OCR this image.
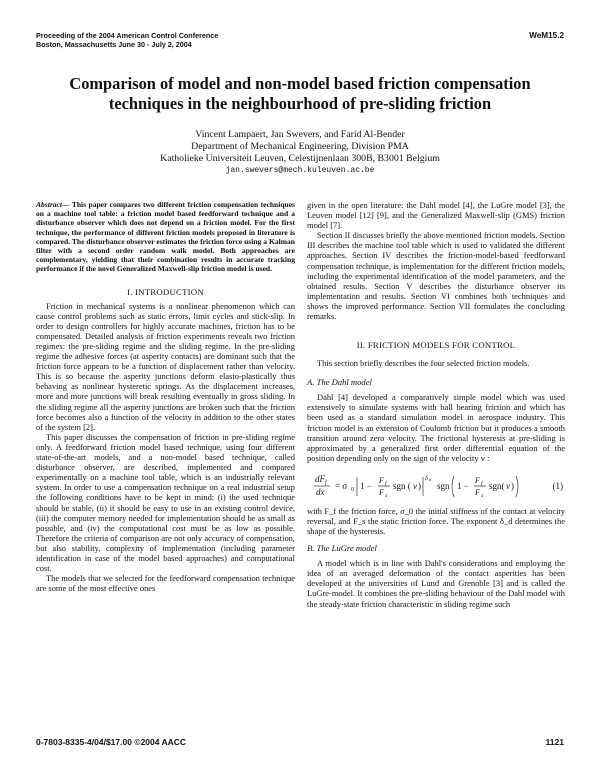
Proceeding of the 2004 American Control Conference
Boston, Massachusetts June 30 - July 2, 2004
WeM15.2
Comparison of model and non-model based friction compensation
techniques in the neighbourhood of pre-sliding friction
Vincent Lampaert, Jan Swevers, and Farid Al-Bender
Department of Mechanical Engineering, Division PMA
Katholieke Universiteit Leuven, Celestijnenlaan 300B, B3001 Belgium
jan.swevers@mech.kuleuven.ac.be
Abstract— This paper compares two different friction compensation techniques on a machine tool table: a friction model based feedforward technique and a disturbance observer which does not depend on a friction model. For the first technique, the performance of different friction models proposed in literature is compared. The disturbance observer estimates the friction force using a Kalman filter with a second order random walk model. Both approaches are complementary, yielding that their combination results in accurate tracking performance if the novel Generalized Maxwell-slip friction model is used.
I. INTRODUCTION

Friction in mechanical systems is a nonlinear phenomenon which can cause control problems such as static errors, limit cycles and stick-slip. In order to design controllers for highly accurate machines, friction has to be compensated. Detailed analysis of friction experiments reveals two friction regimes: the pre-sliding regime and the sliding regime. In the pre-sliding regime the adhesive forces (at asperity contacts) are dominant such that the friction force appears to be a function of displacement rather than velocity. This is so because the asperity junctions deform elasto-plastically thus behaving as nonlinear hysteretic springs. As the displacement increases, more and more junctions will break resulting eventually in gross sliding. In the sliding regime all the asperity junctions are broken such that the friction force becomes also a function of the velocity in addition to the other states of the system [2].

This paper discusses the compensation of friction in pre-sliding regime only. A feedforward friction model based technique, using four different state-of-the-art models, and a non-model based technique, called disturbance observer, are described, implemented and compared experimentally on a machine tool table, which is an industrially relevant system. In order to use a compensation technique on a real industrial setup the following conditions have to be kept in mind: (i) the used technique should be stable, (ii) it should be easy to use in an existing control device, (iii) the computer memory needed for implementation should be as small as possible, and (iv) the computational cost must be as low as possible. Therefore the criteria of comparison are not only accuracy of compensation, but also stability, complexity of implementation (including parameter identification in case of the model based approaches) and computational cost.

The models that we selected for the feedforward compensation technique are some of the most effective ones

given in the open literature: the Dahl model [4], the LuGre model [3], the Leuven model [12] [9], and the Generalized Maxwell-slip (GMS) friction model [7].

Section II discusses briefly the above mentioned friction models. Section III describes the machine tool table which is used to validated the different approaches. Section IV describes the friction-model-based feedforward compensation technique, is implementation for the different friction models, including the experimental identification of the model parameters, and the obtained results. Section V describes the disturbance observer its implementation and results. Section VI combines both techniques and shows the improved performance. Section VII formulates the concluding remarks.

II. FRICTION MODELS FOR CONTROL

This section briefly describes the four selected friction models.

A. The Dahl model

Dahl [4] developed a comparatively simple model which was used extensively to simulate systems with ball bearing friction and which has been used as a standard simulation model in aerospace industry. This friction model is an extension of Coulomb friction but it produces a smooth transition around zero velocity. The frictional hysteresis at pre-sliding is approximated by a generalized first order differential equation of the position depending only on the sign of the velocity v :

dF f
dx
= σ 0 1 −
F f
F s
sgn ( v )
δ d
sgn 1 −
F f
F s
sgn( v )	(1)

with F_f the friction force, σ_0 the initial stiffness of the contact at velocity reversal, and F_s the static friction force. The exponent δ_d determines the shape of the hysteresis.

B. The LuGre model

A model which is in line with Dahl's considerations and employing the idea of an averaged deformation of the contact asperities has been developed at the universities of Lund and Grenoble [3] and is called the LuGre-model. It combines the pre-sliding behaviour of the Dahl model with the steady-state friction characteristic in sliding regime such

0-7803-8335-4/04/$17.00 ©2004 AACC	1121
